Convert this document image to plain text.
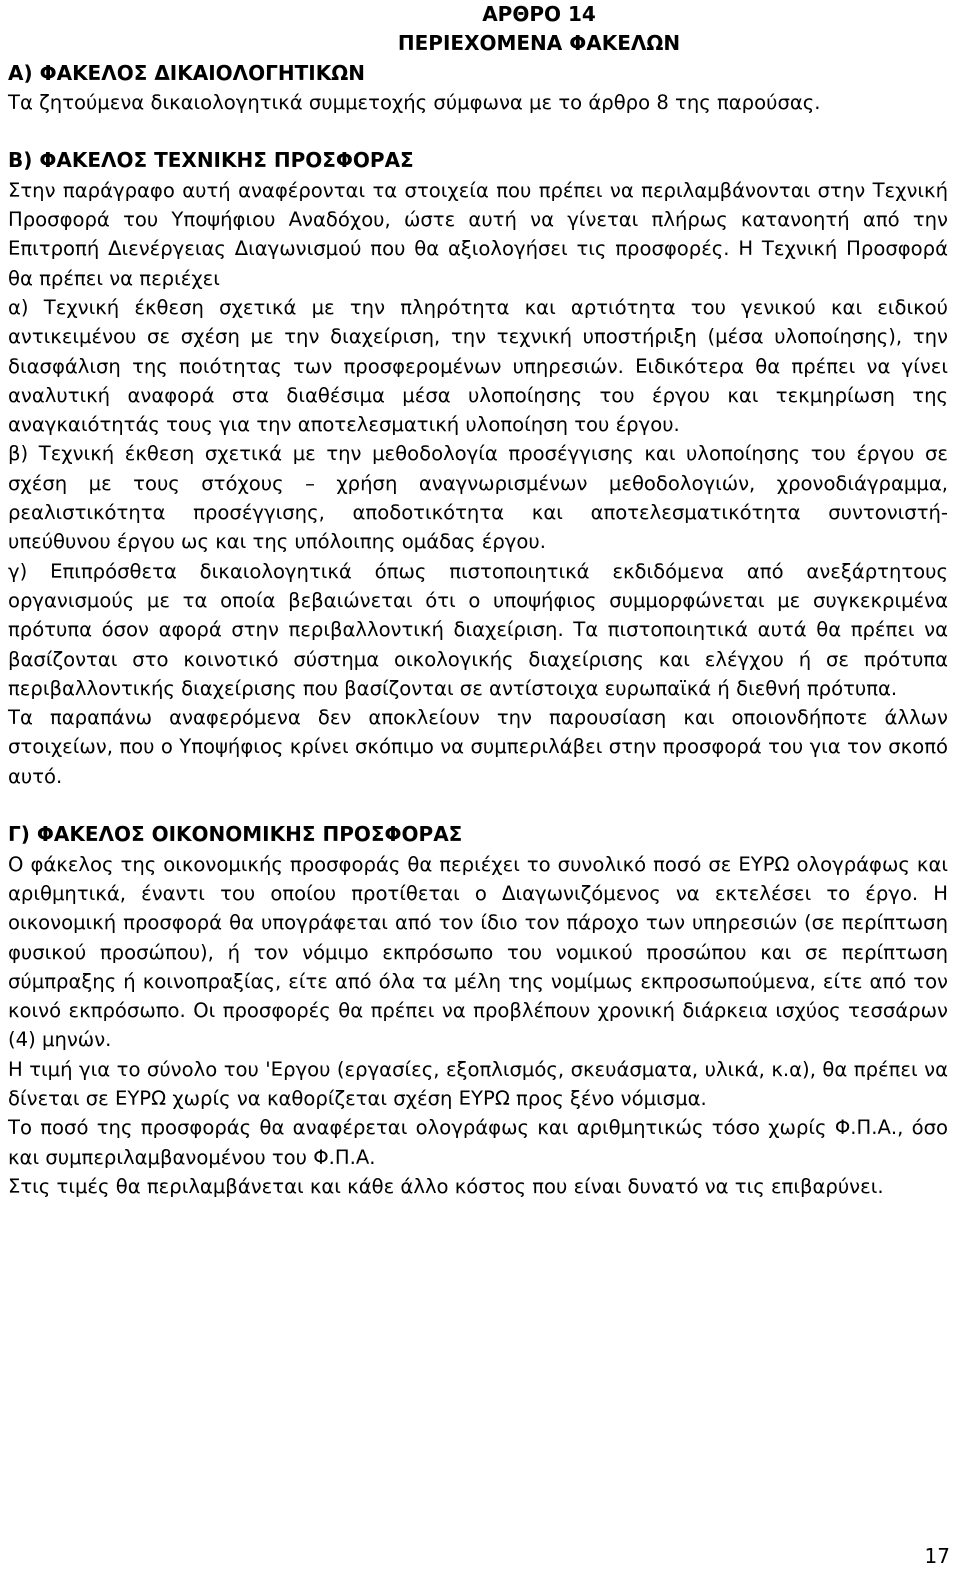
ΑΡΘΡΟ 14
ΠΕΡΙΕΧΟΜΕΝΑ ΦΑΚΕΛΩΝ
Α) ΦΑΚΕΛΟΣ ΔΙΚΑΙΟΛΟΓΗΤΙΚΩΝ

Τα ζητούμενα δικαιολογητικά συμμετοχής σύμφωνα με το άρθρο 8 της παρούσας.

Β) ΦΑΚΕΛΟΣ ΤΕΧΝΙΚΗΣ ΠΡΟΣΦΟΡΑΣ

Στην παράγραφο αυτή αναφέρονται τα στοιχεία που πρέπει να περιλαμβάνονται στην Τεχνική Προσφορά του Υποψήφιου Αναδόχου, ώστε αυτή να γίνεται πλήρως κατανοητή από την Επιτροπή Διενέργειας Διαγωνισμού που θα αξιολογήσει τις προσφορές. Η Τεχνική Προσφορά θα πρέπει να περιέχει

α) Τεχνική έκθεση σχετικά με την πληρότητα και αρτιότητα του γενικού και ειδικού αντικειμένου σε σχέση με την διαχείριση, την τεχνική υποστήριξη (μέσα υλοποίησης), την διασφάλιση της ποιότητας των προσφερομένων υπηρεσιών. Ειδικότερα θα πρέπει να γίνει αναλυτική αναφορά στα διαθέσιμα μέσα υλοποίησης του έργου και τεκμηρίωση της αναγκαιότητάς τους για την αποτελεσματική υλοποίηση του έργου.

β) Τεχνική έκθεση σχετικά με την μεθοδολογία προσέγγισης και υλοποίησης του έργου σε σχέση με τους στόχους – χρήση αναγνωρισμένων μεθοδολογιών, χρονοδιάγραμμα, ρεαλιστικότητα προσέγγισης, αποδοτικότητα και αποτελεσματικότητα συντονιστή- υπεύθυνου έργου ως και της υπόλοιπης ομάδας έργου.

γ) Επιπρόσθετα δικαιολογητικά όπως πιστοποιητικά εκδιδόμενα από ανεξάρτητους οργανισμούς με τα οποία βεβαιώνεται ότι ο υποψήφιος συμμορφώνεται με συγκεκριμένα πρότυπα όσον αφορά στην περιβαλλοντική διαχείριση. Τα πιστοποιητικά αυτά θα πρέπει να βασίζονται στο κοινοτικό σύστημα οικολογικής διαχείρισης και ελέγχου ή σε πρότυπα περιβαλλοντικής διαχείρισης που βασίζονται σε αντίστοιχα ευρωπαϊκά ή διεθνή πρότυπα.

Τα παραπάνω αναφερόμενα δεν αποκλείουν την παρουσίαση και οποιονδήποτε άλλων στοιχείων, που ο Υποψήφιος κρίνει σκόπιμο να συμπεριλάβει στην προσφορά του για τον σκοπό αυτό.

Γ) ΦΑΚΕΛΟΣ ΟΙΚΟΝΟΜΙΚΗΣ ΠΡΟΣΦΟΡΑΣ

Ο φάκελος της οικονομικής προσφοράς θα περιέχει το συνολικό ποσό σε ΕΥΡΩ ολογράφως και αριθμητικά, έναντι του οποίου προτίθεται ο Διαγωνιζόμενος να εκτελέσει το έργο. Η οικονομική προσφορά θα υπογράφεται από τον ίδιο τον πάροχο των υπηρεσιών (σε περίπτωση φυσικού προσώπου), ή τον νόμιμο εκπρόσωπο του νομικού προσώπου και σε περίπτωση σύμπραξης ή κοινοπραξίας, είτε από όλα τα μέλη της νομίμως εκπροσωπούμενα, είτε από τον κοινό εκπρόσωπο. Οι προσφορές θα πρέπει να προβλέπουν χρονική διάρκεια ισχύος τεσσάρων (4) μηνών.

Η τιμή για το σύνολο του 'Εργου (εργασίες, εξοπλισμός, σκευάσματα, υλικά, κ.α), θα πρέπει να δίνεται σε ΕΥΡΩ χωρίς να καθορίζεται σχέση ΕΥΡΩ προς ξένο νόμισμα.

Το ποσό της προσφοράς θα αναφέρεται ολογράφως και αριθμητικώς τόσο χωρίς Φ.Π.Α., όσο και συμπεριλαμβανομένου του Φ.Π.Α.

Στις τιμές θα περιλαμβάνεται και κάθε άλλο κόστος που είναι δυνατό να τις επιβαρύνει.

17
